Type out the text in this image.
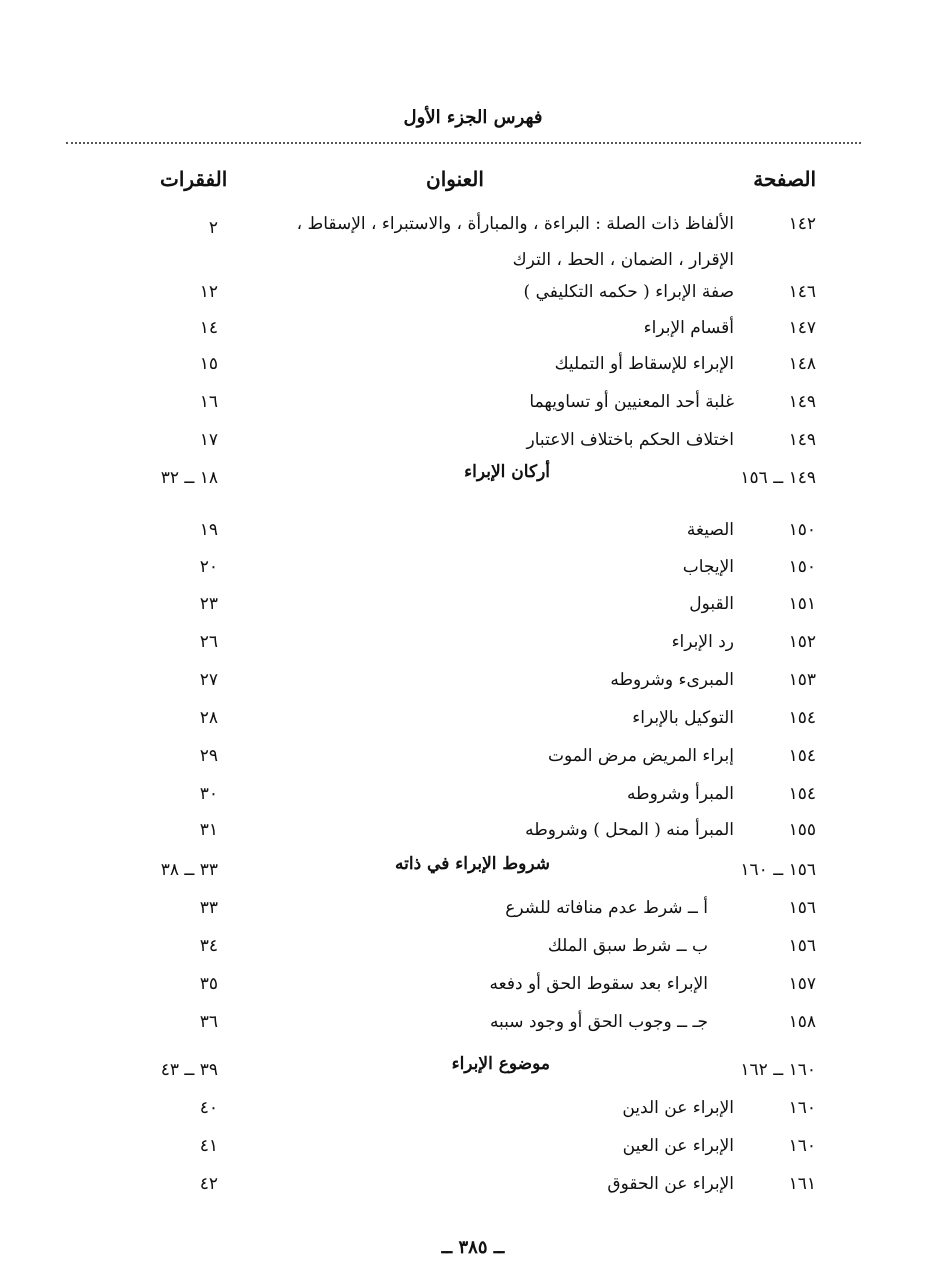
فهرس الجزء الأول
الصفحة
العنوان
الفقرات
١٤٢
الألفاظ ذات الصلة : البراءة ، والمبارأة ، والاستبراء ، الإسقاط ،
الإقرار ، الضمان ، الحط ، الترك
٢
١٤٦
صفة الإبراء ( حكمه التكليفي )
١٢
١٤٧
أقسام الإبراء
١٤
١٤٨
الإبراء للإسقاط أو التمليك
١٥
١٤٩
غلبة أحد المعنيين أو تساويهما
١٦
١٤٩
اختلاف الحكم باختلاف الاعتبار
١٧
١٤٩ ــ ١٥٦
أركان الإبراء
١٨ ــ ٣٢
١٥٠
الصيغة
١٩
١٥٠
الإيجاب
٢٠
١٥١
القبول
٢٣
١٥٢
رد الإبراء
٢٦
١٥٣
المبرىء وشروطه
٢٧
١٥٤
التوكيل بالإبراء
٢٨
١٥٤
إبراء المريض مرض الموت
٢٩
١٥٤
المبرأ وشروطه
٣٠
١٥٥
المبرأ منه ( المحل ) وشروطه
٣١
١٥٦ ــ ١٦٠
شروط الإبراء في ذاته
٣٣ ــ ٣٨
١٥٦
أ ــ شرط عدم منافاته للشرع
٣٣
١٥٦
ب ــ شرط سبق الملك
٣٤
١٥٧
الإبراء بعد سقوط الحق أو دفعه
٣٥
١٥٨
جـ ــ وجوب الحق أو وجود سببه
٣٦
١٦٠ ــ ١٦٢
موضوع الإبراء
٣٩ ــ ٤٣
١٦٠
الإبراء عن الدين
٤٠
١٦٠
الإبراء عن العين
٤١
١٦١
الإبراء عن الحقوق
٤٢
ــ ٣٨٥ ــ
